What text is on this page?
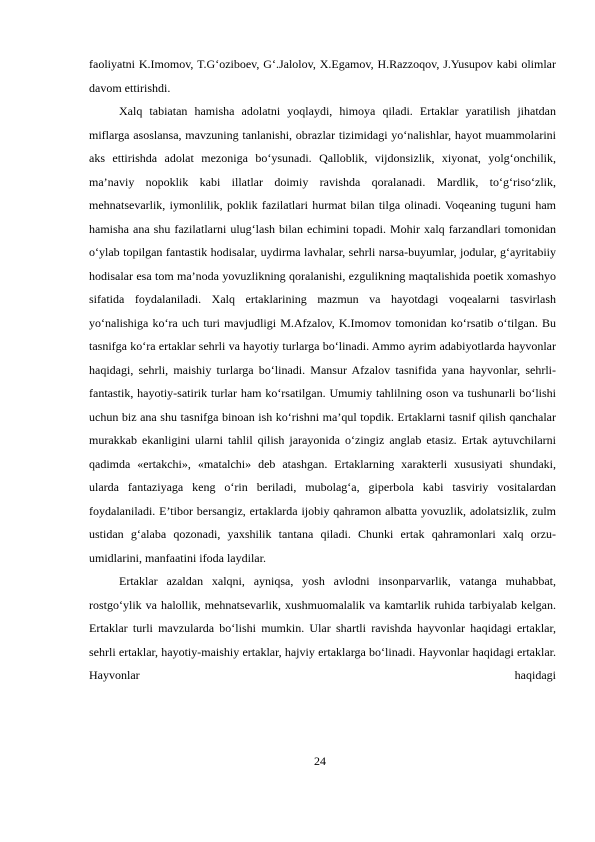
faoliyatni K.Imomov, T.G‘oziboev, G‘.Jalolov, X.Egamov, H.Razzoqov, J.Yusupov kabi olimlar davom ettirishdi.

Xalq tabiatan hamisha adolatni yoqlaydi, himoya qiladi. Ertaklar yaratilish jihatdan miflarga asoslansa, mavzuning tanlanishi, obrazlar tizimidagi yo‘nalishlar, hayot muammolarini aks ettirishda adolat mezoniga bo‘ysunadi. Qalloblik, vijdonsizlik, xiyonat, yolg‘onchilik, ma’naviy nopoklik kabi illatlar doimiy ravishda qoralanadi. Mardlik, to‘g‘riso‘zlik, mehnatsevarlik, iymonlilik, poklik fazilatlari hurmat bilan tilga olinadi. Voqeaning tuguni ham hamisha ana shu fazilatlarni ulug‘lash bilan echimini topadi. Mohir xalq farzandlari tomonidan o‘ylab topilgan fantastik hodisalar, uydirma lavhalar, sehrli narsa-buyumlar, jodular, g‘ayritabiiy hodisalar esa tom ma’noda yovuzlikning qoralanishi, ezgulikning maqtalishida poetik xomashyo sifatida foydalaniladi. Xalq ertaklarining mazmun va hayotdagi voqealarni tasvirlash yo‘nalishiga ko‘ra uch turi mavjudligi M.Afzalov, K.Imomov tomonidan ko‘rsatib o‘tilgan. Bu tasnifga ko‘ra ertaklar sehrli va hayotiy turlarga bo‘linadi. Ammo ayrim adabiyotlarda hayvonlar haqidagi, sehrli, maishiy turlarga bo‘linadi. Mansur Afzalov tasnifida yana hayvonlar, sehrli-fantastik, hayotiy-satirik turlar ham ko‘rsatilgan. Umumiy tahlilning oson va tushunarli bo‘lishi uchun biz ana shu tasnifga binoan ish ko‘rishni ma’qul topdik. Ertaklarni tasnif qilish qanchalar murakkab ekanligini ularni tahlil qilish jarayonida o‘zingiz anglab etasiz. Ertak aytuvchilarni qadimda «ertakchi», «matalchi» deb atashgan. Ertaklarning xarakterli xususiyati shundaki, ularda fantaziyaga keng o‘rin beriladi, mubolag‘a, giperbola kabi tasviriy vositalardan foydalaniladi. E’tibor bersangiz, ertaklarda ijobiy qahramon albatta yovuzlik, adolatsizlik, zulm ustidan g‘alaba qozonadi, yaxshilik tantana qiladi. Chunki ertak qahramonlari xalq orzu-umidlarini, manfaatini ifoda laydilar.

Ertaklar azaldan xalqni, ayniqsa, yosh avlodni insonparvarlik, vatanga muhabbat, rostgo‘ylik va halollik, mehnatsevarlik, xushmuomalalik va kamtarlik ruhida tarbiyalab kelgan. Ertaklar turli mavzularda bo‘lishi mumkin. Ular shartli ravishda hayvonlar haqidagi ertaklar, sehrli ertaklar, hayotiy-maishiy ertaklar, hajviy ertaklarga bo‘linadi. Hayvonlar haqidagi ertaklar. Hayvonlar haqidagi

24
